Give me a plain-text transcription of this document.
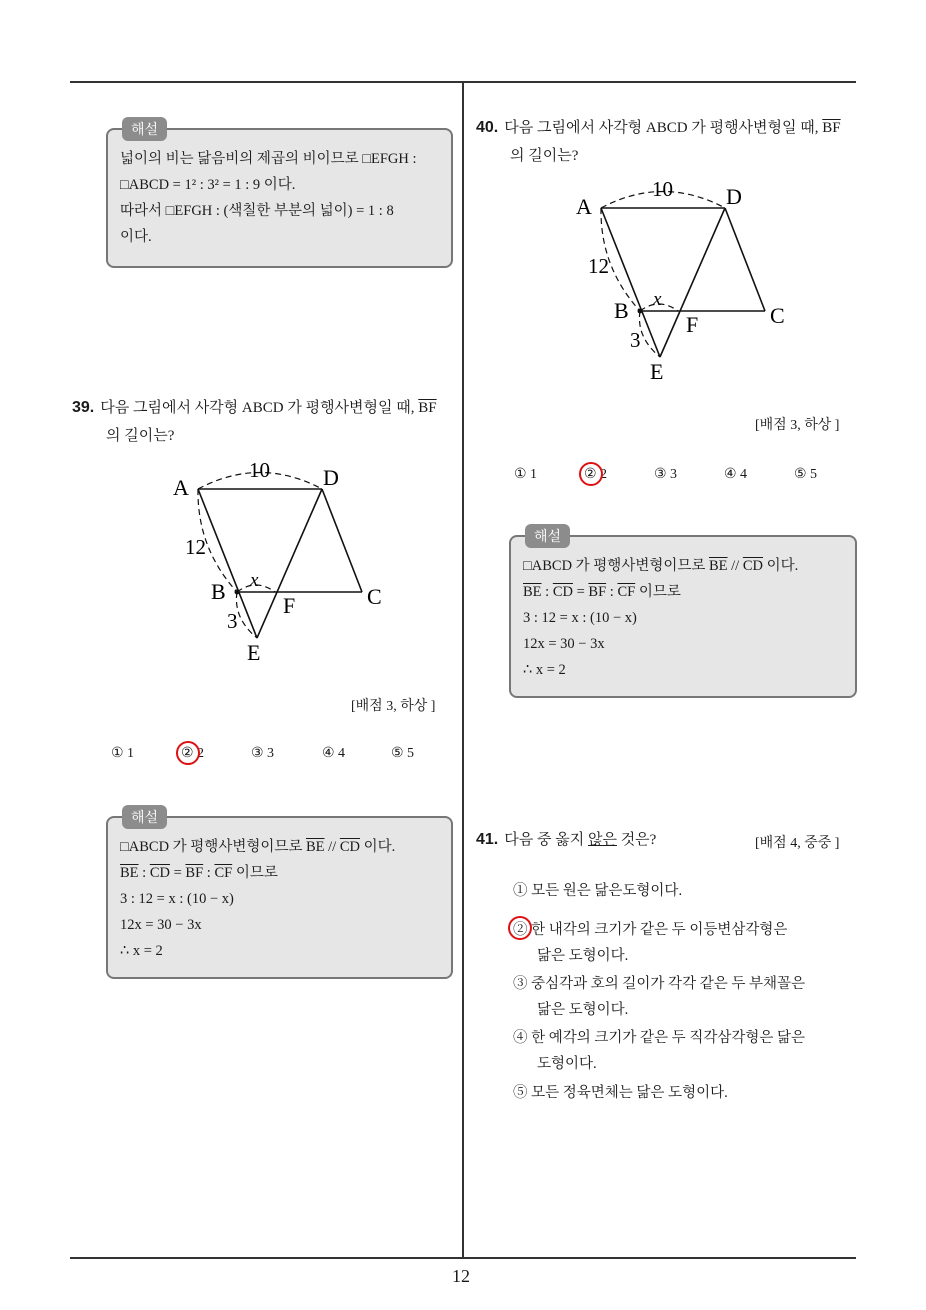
12
해설
넓이의 비는 닮음비의 제곱의 비이므로 □EFGH :
□ABCD = 1² : 3² = 1 : 9 이다.
따라서 □EFGH : (색칠한 부분의 넓이) = 1 : 8
이다.
39. 다음 그림에서 사각형 ABCD 가 평행사변형일 때, $\overline{BF}$
의 길이는?
A	D
C
B
F
E
10
12
3
x
[배점 3, 하상 ]
① 1	② 2	③ 3	④ 4	⑤ 5
해설
□ABCD 가 평행사변형이므로 $\overline{BE} // \overline{CD}$ 이다.
$\overline{BE}$ : $\overline{CD} = \overline{BF}$ : $\overline{CF}$ 이므로
3 : 12 = x : (10 − x)
12x = 30 − 3x
∴ x = 2
40. 다음 그림에서 사각형 ABCD 가 평행사변형일 때, $\overline{BF}$
의 길이는?
A	D
C
B
F
E
10
12
3
x
[배점 3, 하상 ]
① 1	② 2	③ 3	④ 4	⑤ 5
해설
□ABCD 가 평행사변형이므로 $\overline{BE} // \overline{CD}$ 이다.
$\overline{BE}$ : $\overline{CD} = \overline{BF}$ : $\overline{CF}$ 이므로
3 : 12 = x : (10 − x)
12x = 30 − 3x
∴ x = 2
41. 다음 중 옳지 않은 것은?	[배점 4, 중중 ]
① 모든 원은 닮은도형이다.
② 한 내각의 크기가 같은 두 이등변삼각형은
닮은 도형이다.
③ 중심각과 호의 길이가 각각 같은 두 부채꼴은
닮은 도형이다.
④ 한 예각의 크기가 같은 두 직각삼각형은 닮은
도형이다.
⑤ 모든 정육면체는 닮은 도형이다.
